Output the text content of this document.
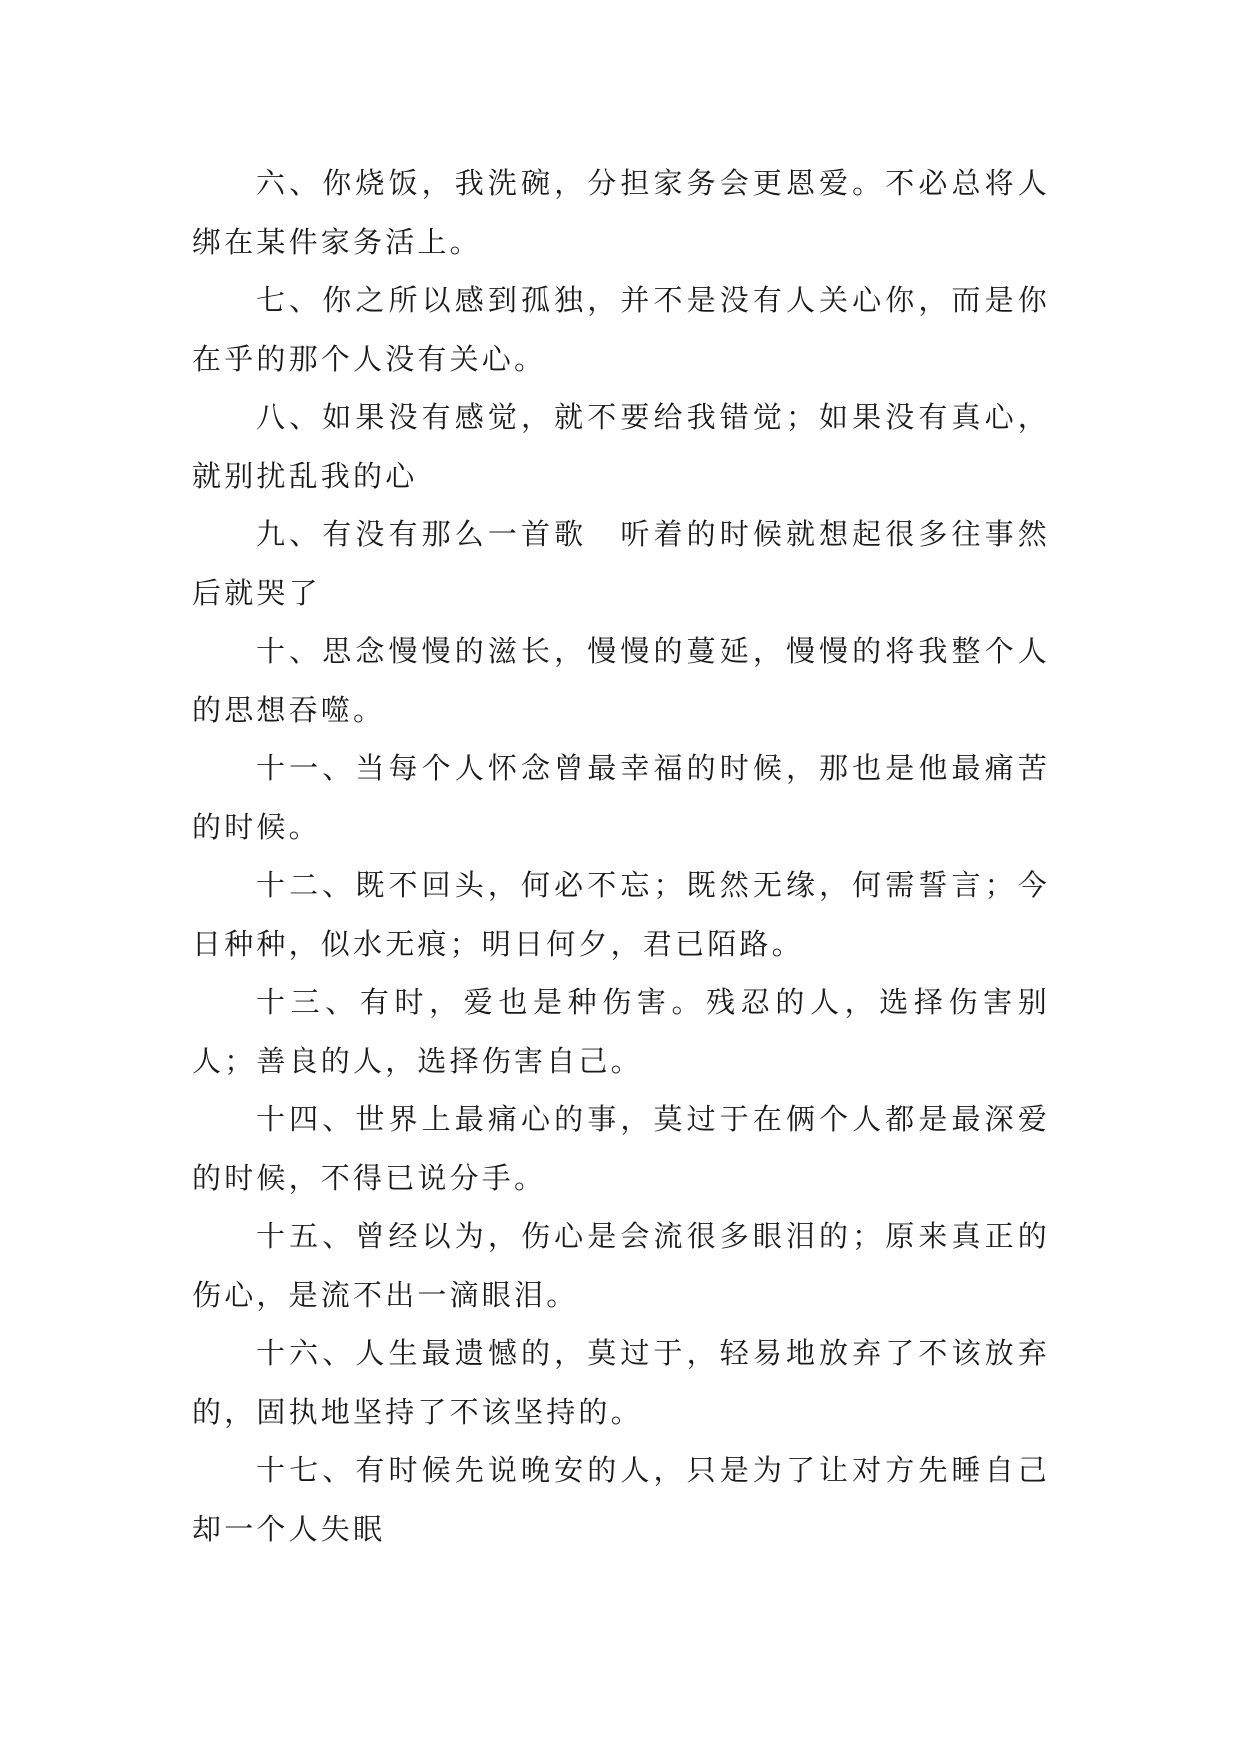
六、你烧饭，我洗碗，分担家务会更恩爱。不必总将人绑在某件家务活上。

七、你之所以感到孤独，并不是没有人关心你，而是你在乎的那个人没有关心。

八、如果没有感觉，就不要给我错觉；如果没有真心，就别扰乱我的心

九、有没有那么一首歌　听着的时候就想起很多往事然后就哭了

十、思念慢慢的滋长，慢慢的蔓延，慢慢的将我整个人的思想吞噬。

十一、当每个人怀念曾最幸福的时候，那也是他最痛苦的时候。

十二、既不回头，何必不忘；既然无缘，何需誓言；今日种种，似水无痕；明日何夕，君已陌路。

十三、有时，爱也是种伤害。残忍的人，选择伤害别人；善良的人，选择伤害自己。

十四、世界上最痛心的事，莫过于在俩个人都是最深爱的时候，不得已说分手。

十五、曾经以为，伤心是会流很多眼泪的；原来真正的伤心，是流不出一滴眼泪。

十六、人生最遗憾的，莫过于，轻易地放弃了不该放弃的，固执地坚持了不该坚持的。

十七、有时候先说晚安的人，只是为了让对方先睡自己却一个人失眠
